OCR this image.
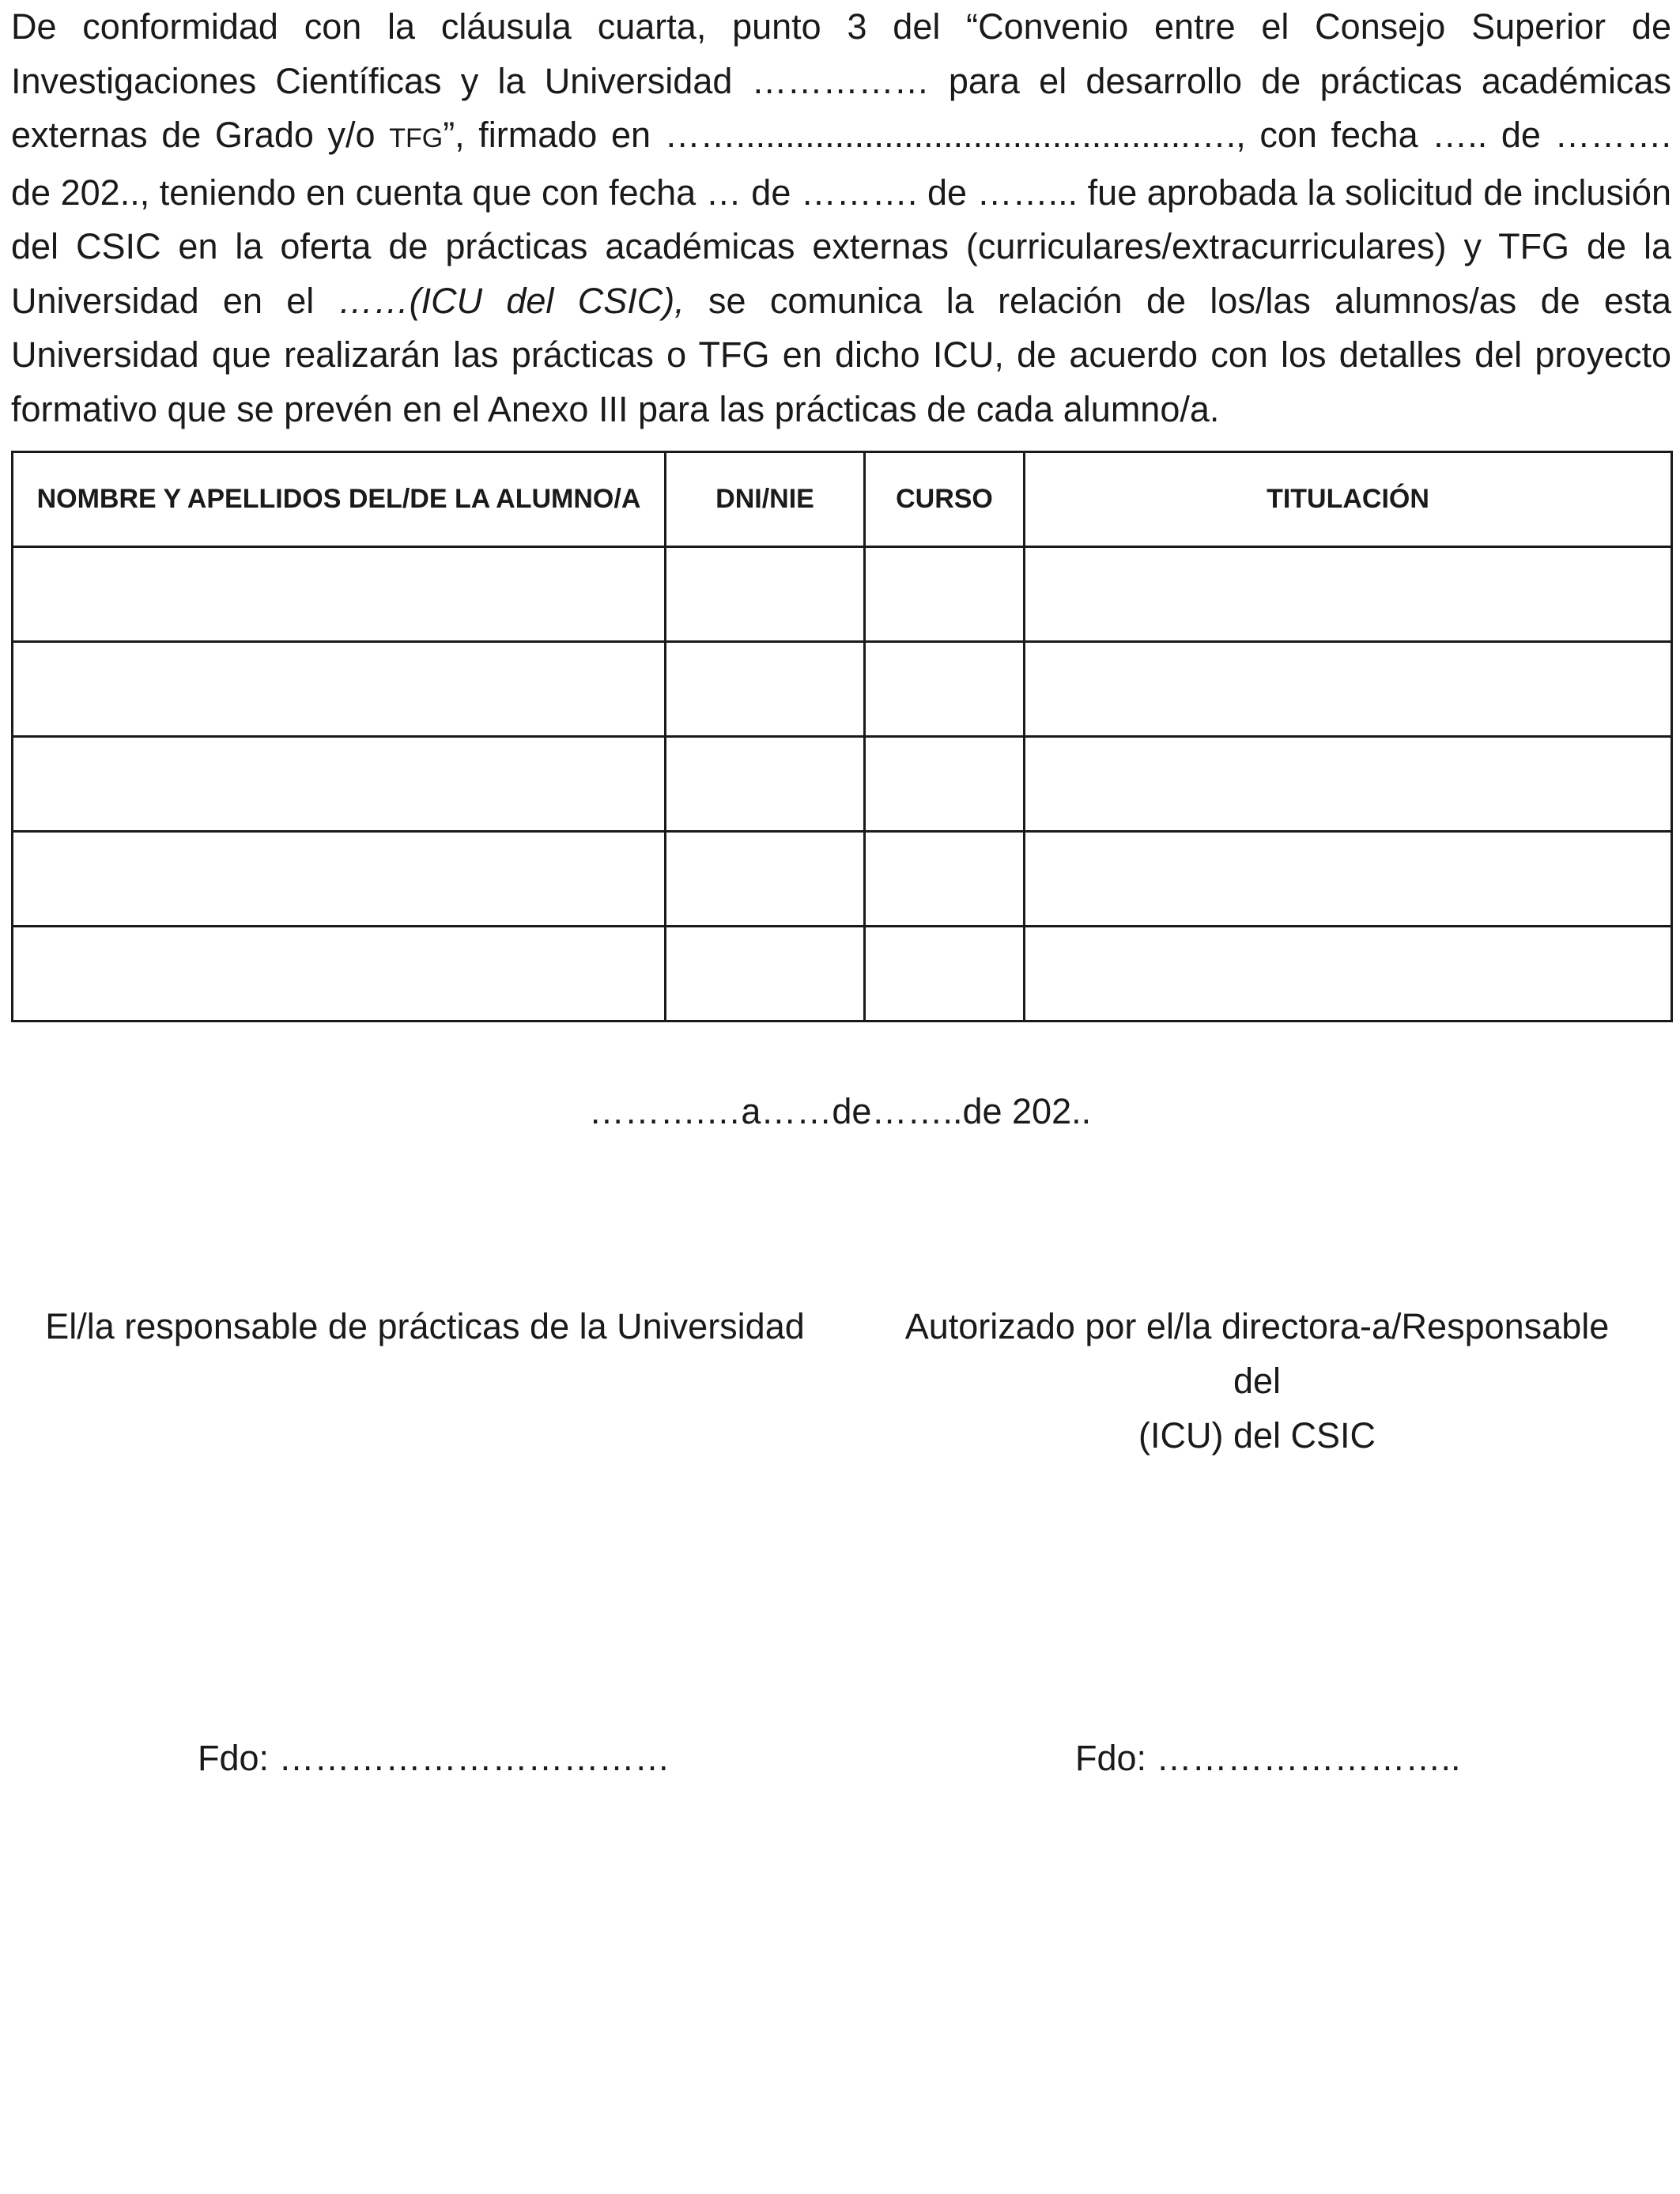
De conformidad con la cláusula cuarta, punto 3 del “Convenio entre el Consejo Superior de Investigaciones Científicas y la Universidad …………… para el desarrollo de prácticas académicas externas de Grado y/o TFG”, firmado en ……..............................................…., con fecha ….. de ………. de 202.., teniendo en cuenta que con fecha … de ………. de ……... fue aprobada la solicitud de inclusión del CSIC en la oferta de prácticas académicas externas (curriculares/extracurriculares) y TFG de la Universidad en el ……(ICU del CSIC), se comunica la relación de los/las alumnos/as de esta Universidad que realizarán las prácticas o TFG en dicho ICU, de acuerdo con los detalles del proyecto formativo que se prevén en el Anexo III para las prácticas de cada alumno/a.

NOMBRE Y APELLIDOS DEL/DE LA ALUMNO/A	DNI/NIE	CURSO	TITULACIÓN

……….…a……de……..de 202..
El/la responsable de prácticas de la Universidad	Autorizado por el/la directora-a/Responsable del
(ICU) del CSIC
Fdo: ……………………………	Fdo: ……………………..
